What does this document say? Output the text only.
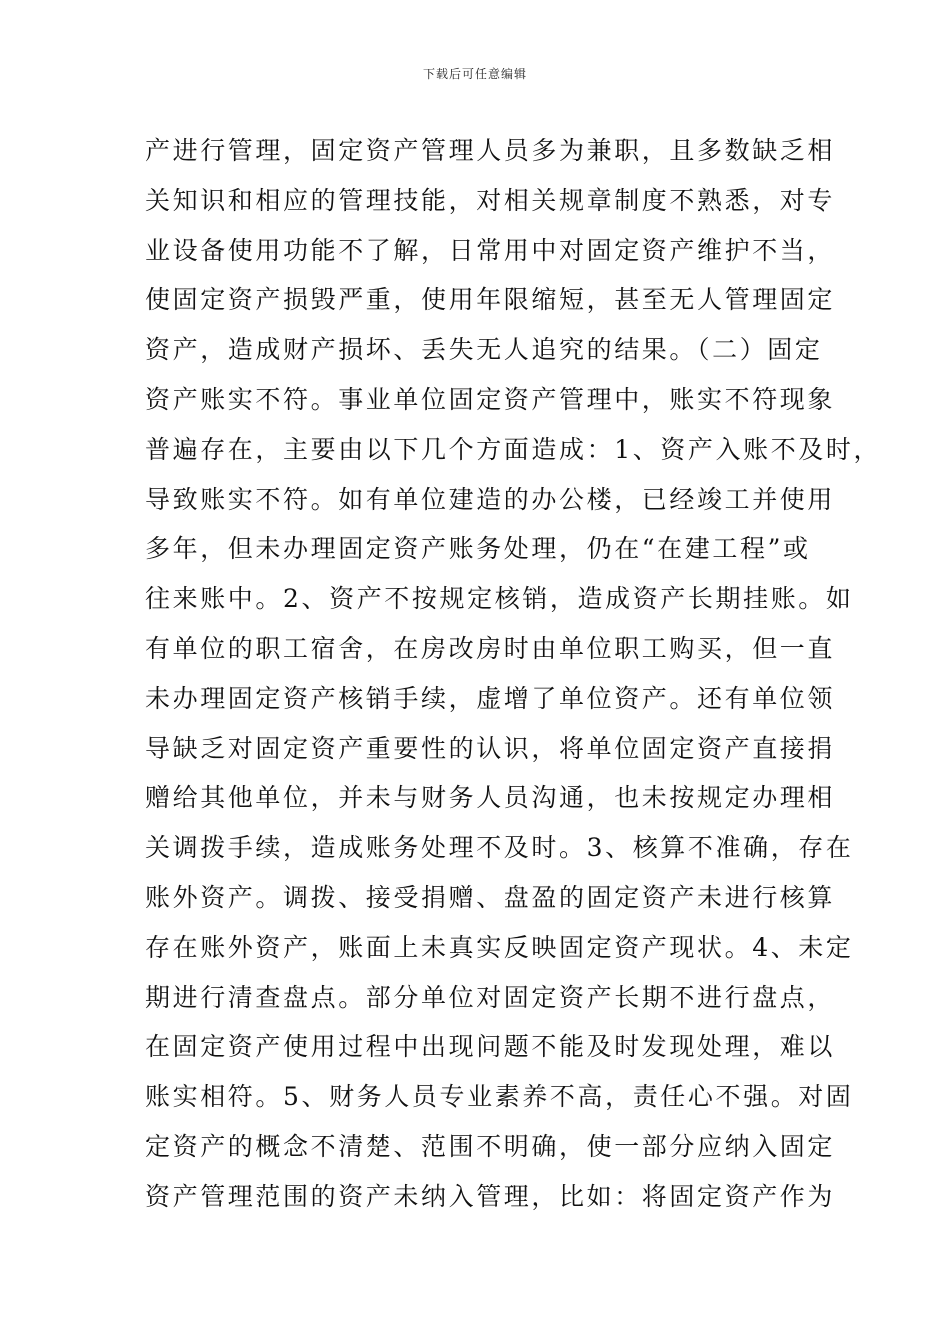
下载后可任意编辑
产进行管理，固定资产管理人员多为兼职，且多数缺乏相
关知识和相应的管理技能，对相关规章制度不熟悉，对专
业设备使用功能不了解，日常用中对固定资产维护不当，
使固定资产损毁严重，使用年限缩短，甚至无人管理固定
资产，造成财产损坏、丢失无人追究的结果。（二）固定
资产账实不符。事业单位固定资产管理中，账实不符现象
普遍存在，主要由以下几个方面造成：1、资产入账不及时，
导致账实不符。如有单位建造的办公楼，已经竣工并使用
多年，但未办理固定资产账务处理，仍在“在建工程”或
往来账中。2、资产不按规定核销，造成资产长期挂账。如
有单位的职工宿舍，在房改房时由单位职工购买，但一直
未办理固定资产核销手续，虚增了单位资产。还有单位领
导缺乏对固定资产重要性的认识，将单位固定资产直接捐
赠给其他单位，并未与财务人员沟通，也未按规定办理相
关调拨手续，造成账务处理不及时。3、核算不准确，存在
账外资产。调拨、接受捐赠、盘盈的固定资产未进行核算
存在账外资产，账面上未真实反映固定资产现状。4、未定
期进行清查盘点。部分单位对固定资产长期不进行盘点，
在固定资产使用过程中出现问题不能及时发现处理，难以
账实相符。5、财务人员专业素养不高，责任心不强。对固
定资产的概念不清楚、范围不明确，使一部分应纳入固定
资产管理范围的资产未纳入管理，比如：将固定资产作为
